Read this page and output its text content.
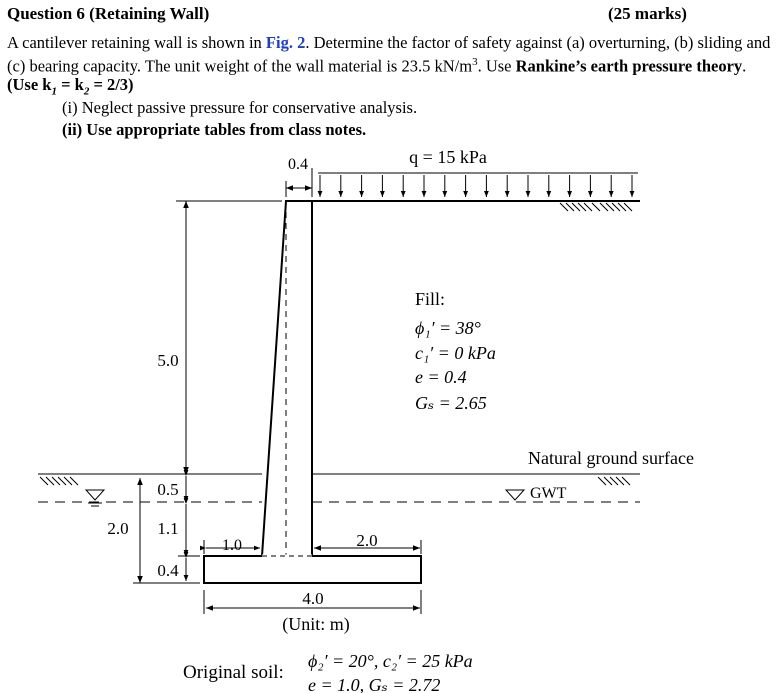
Question 6 (Retaining Wall)	(25 marks)
A cantilever retaining wall is shown in Fig. 2. Determine the factor of safety against (a) overturning, (b) sliding and (c) bearing capacity. The unit weight of the wall material is 23.5 $kN/m^3$. Use Rankine’s earth pressure theory. (Use $k_1 = k_2 = 2/3$)
(i) Neglect passive pressure for conservative analysis.
(ii) Use appropriate tables from class notes.
0.4	q = 15 kPa
5.0
Fill:
ϕ₁′ = 38°
c₁′ = 0 kPa
e = 0.4
Gₛ = 2.65
Natural ground surface
GWT
2.0
0.5
1.1
0.4
1.0	2.0
4.0
(Unit: m)
Original soil:
ϕ₂′ = 20°, c₂′ = 25 kPa
e = 1.0, Gₛ = 2.72
